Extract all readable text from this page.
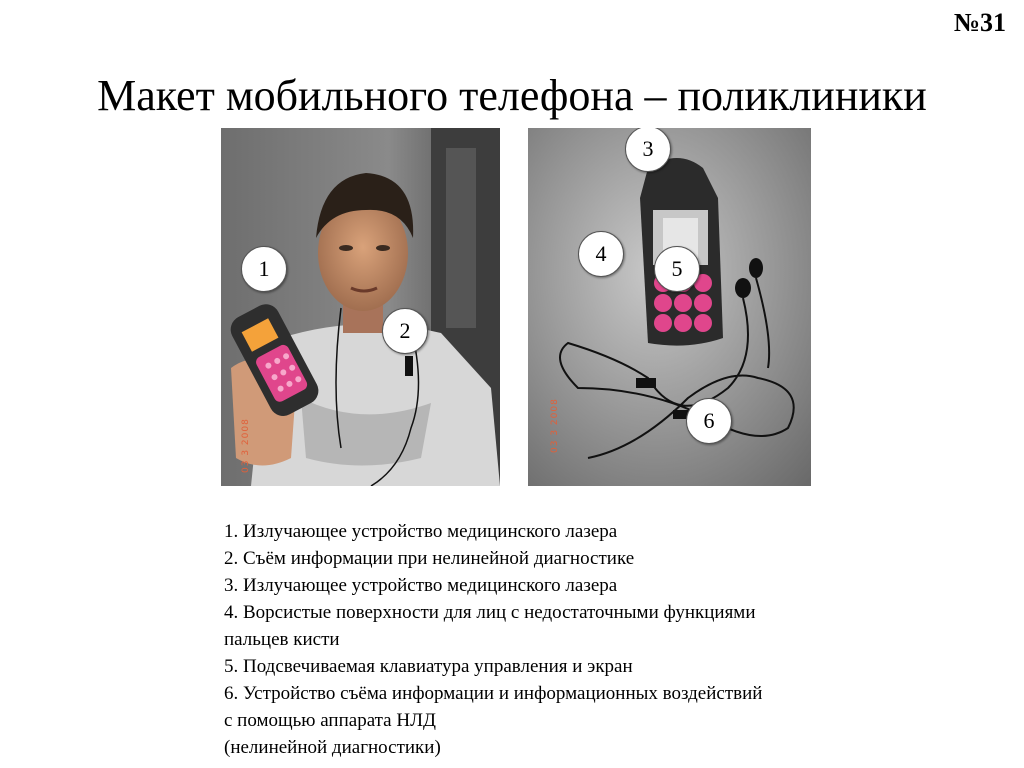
№31
Макет мобильного телефона – поликлиники
1
2
03 3 2008
3
4
5
6
03 3 2008
1. Излучающее устройство медицинского лазера
2. Съём информации при нелинейной диагностике
3. Излучающее устройство медицинского лазера
4. Ворсистые поверхности для лиц с недостаточными функциями
пальцев кисти
5. Подсвечиваемая клавиатура управления и экран
6. Устройство съёма информации и информационных воздействий
с помощью аппарата НЛД
(нелинейной диагностики)
